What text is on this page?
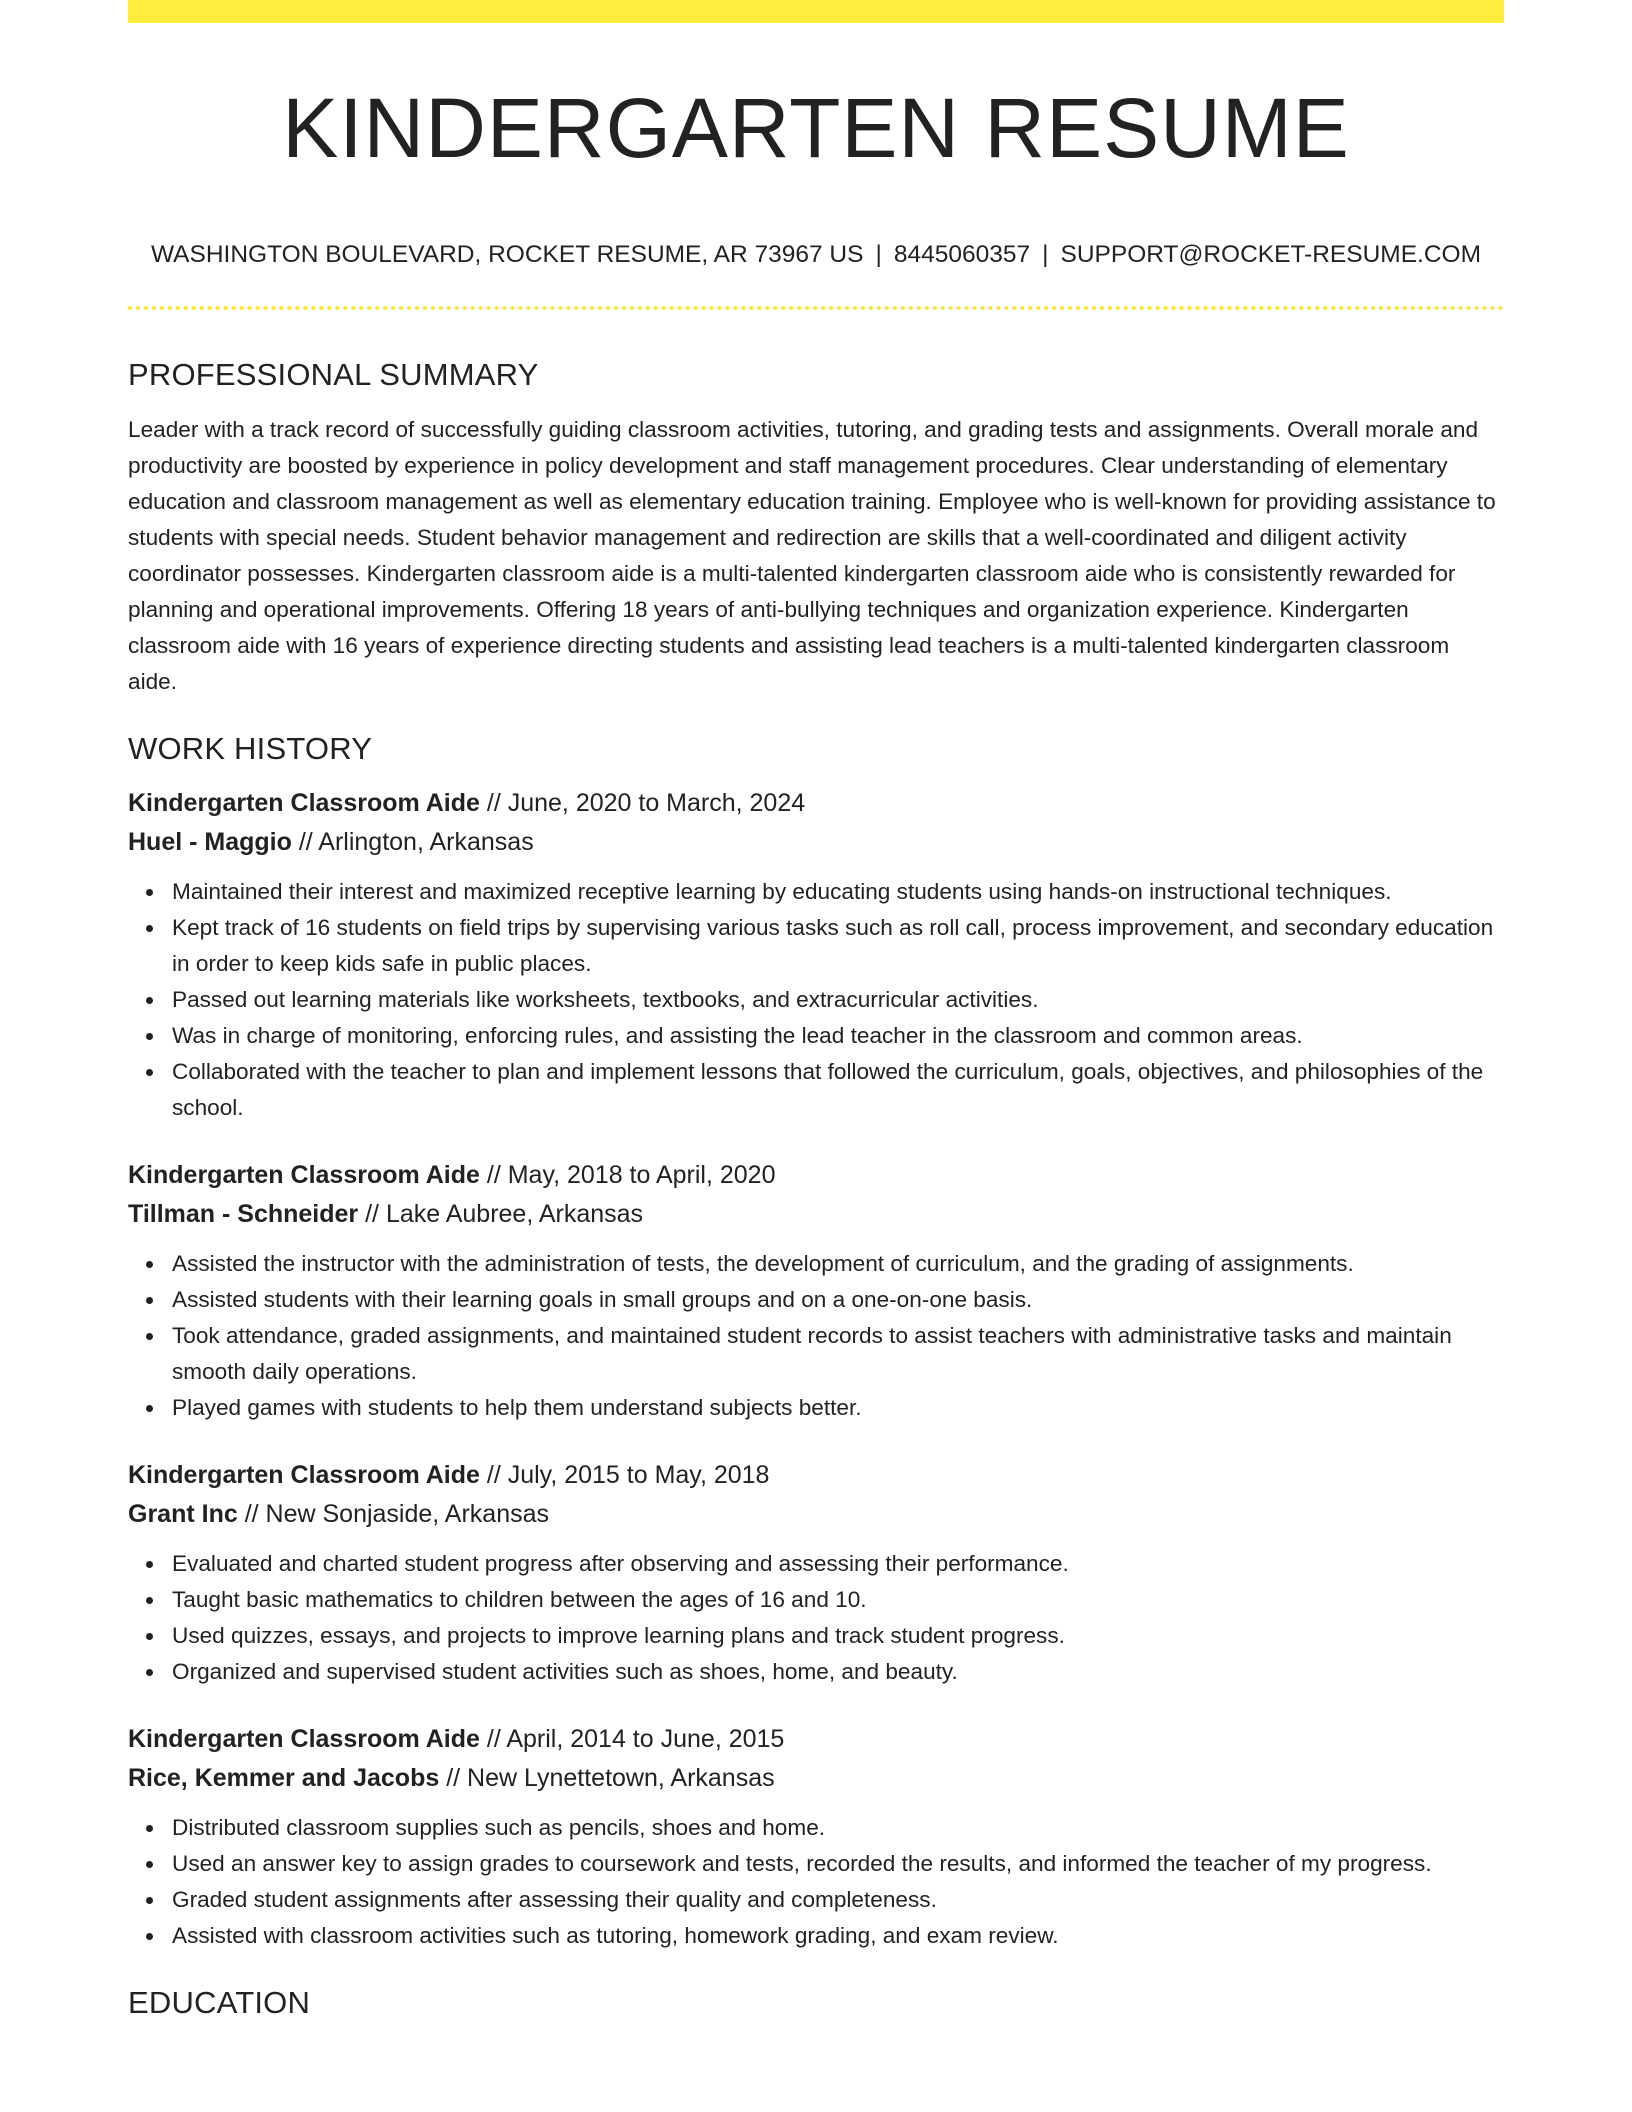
KINDERGARTEN RESUME
WASHINGTON BOULEVARD, ROCKET RESUME, AR 73967 US | 8445060357 | SUPPORT@ROCKET-RESUME.COM
PROFESSIONAL SUMMARY

Leader with a track record of successfully guiding classroom activities, tutoring, and grading tests and assignments. Overall morale and productivity are boosted by experience in policy development and staff management procedures. Clear understanding of elementary education and classroom management as well as elementary education training. Employee who is well-known for providing assistance to students with special needs. Student behavior management and redirection are skills that a well-coordinated and diligent activity coordinator possesses. Kindergarten classroom aide is a multi-talented kindergarten classroom aide who is consistently rewarded for planning and operational improvements. Offering 18 years of anti-bullying techniques and organization experience. Kindergarten classroom aide with 16 years of experience directing students and assisting lead teachers is a multi-talented kindergarten classroom aide.

WORK HISTORY
Kindergarten Classroom Aide // June, 2020 to March, 2024
Huel - Maggio // Arlington, Arkansas
Maintained their interest and maximized receptive learning by educating students using hands-on instructional techniques.
Kept track of 16 students on field trips by supervising various tasks such as roll call, process improvement, and secondary education in order to keep kids safe in public places.
Passed out learning materials like worksheets, textbooks, and extracurricular activities.
Was in charge of monitoring, enforcing rules, and assisting the lead teacher in the classroom and common areas.
Collaborated with the teacher to plan and implement lessons that followed the curriculum, goals, objectives, and philosophies of the school.
Kindergarten Classroom Aide // May, 2018 to April, 2020
Tillman - Schneider // Lake Aubree, Arkansas
Assisted the instructor with the administration of tests, the development of curriculum, and the grading of assignments.
Assisted students with their learning goals in small groups and on a one-on-one basis.
Took attendance, graded assignments, and maintained student records to assist teachers with administrative tasks and maintain smooth daily operations.
Played games with students to help them understand subjects better.
Kindergarten Classroom Aide // July, 2015 to May, 2018
Grant Inc // New Sonjaside, Arkansas
Evaluated and charted student progress after observing and assessing their performance.
Taught basic mathematics to children between the ages of 16 and 10.
Used quizzes, essays, and projects to improve learning plans and track student progress.
Organized and supervised student activities such as shoes, home, and beauty.
Kindergarten Classroom Aide // April, 2014 to June, 2015
Rice, Kemmer and Jacobs // New Lynettetown, Arkansas
Distributed classroom supplies such as pencils, shoes and home.
Used an answer key to assign grades to coursework and tests, recorded the results, and informed the teacher of my progress.
Graded student assignments after assessing their quality and completeness.
Assisted with classroom activities such as tutoring, homework grading, and exam review.
EDUCATION
